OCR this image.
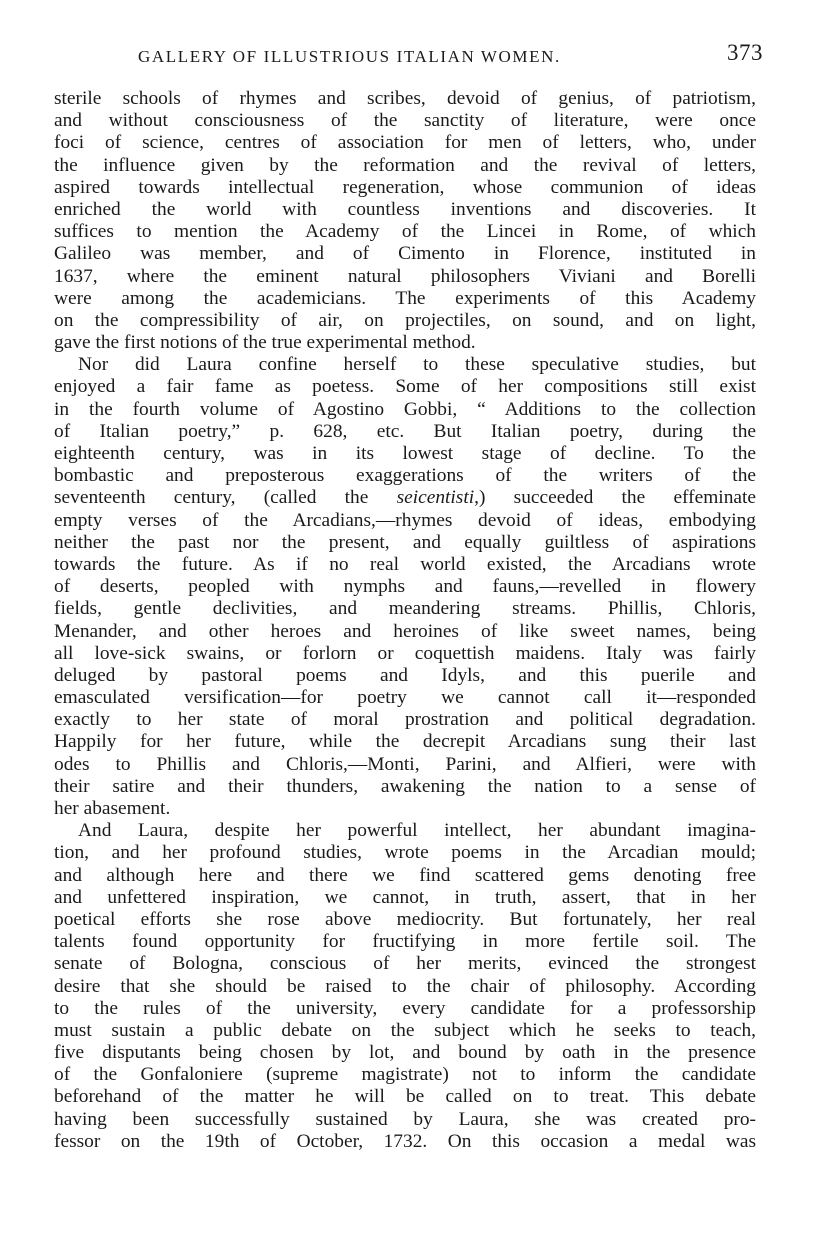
GALLERY OF ILLUSTRIOUS ITALIAN WOMEN.	373
sterile schools of rhymes and scribes, devoid of genius, of patriotism,
and without consciousness of the sanctity of literature, were once
foci of science, centres of association for men of letters, who, under
the influence given by the reformation and the revival of letters,
aspired towards intellectual regeneration, whose communion of ideas
enriched the world with countless inventions and discoveries. It
suffices to mention the Academy of the Lincei in Rome, of which
Galileo was member, and of Cimento in Florence, instituted in
1637, where the eminent natural philosophers Viviani and Borelli
were among the academicians. The experiments of this Academy
on the compressibility of air, on projectiles, on sound, and on light,
gave the first notions of the true experimental method.
Nor did Laura confine herself to these speculative studies, but
enjoyed a fair fame as poetess. Some of her compositions still exist
in the fourth volume of Agostino Gobbi, “ Additions to the collection
of Italian poetry,” p. 628, etc. But Italian poetry, during the
eighteenth century, was in its lowest stage of decline. To the
bombastic and preposterous exaggerations of the writers of the
seventeenth century, (called the seicentisti,) succeeded the effeminate
empty verses of the Arcadians,—rhymes devoid of ideas, embodying
neither the past nor the present, and equally guiltless of aspirations
towards the future. As if no real world existed, the Arcadians wrote
of deserts, peopled with nymphs and fauns,—revelled in flowery
fields, gentle declivities, and meandering streams. Phillis, Chloris,
Menander, and other heroes and heroines of like sweet names, being
all love-sick swains, or forlorn or coquettish maidens. Italy was fairly
deluged by pastoral poems and Idyls, and this puerile and
emasculated versification—for poetry we cannot call it—responded
exactly to her state of moral prostration and political degradation.
Happily for her future, while the decrepit Arcadians sung their last
odes to Phillis and Chloris,—Monti, Parini, and Alfieri, were with
their satire and their thunders, awakening the nation to a sense of
her abasement.
And Laura, despite her powerful intellect, her abundant imagina-
tion, and her profound studies, wrote poems in the Arcadian mould;
and although here and there we find scattered gems denoting free
and unfettered inspiration, we cannot, in truth, assert, that in her
poetical efforts she rose above mediocrity. But fortunately, her real
talents found opportunity for fructifying in more fertile soil. The
senate of Bologna, conscious of her merits, evinced the strongest
desire that she should be raised to the chair of philosophy. According
to the rules of the university, every candidate for a professorship
must sustain a public debate on the subject which he seeks to teach,
five disputants being chosen by lot, and bound by oath in the presence
of the Gonfaloniere (supreme magistrate) not to inform the candidate
beforehand of the matter he will be called on to treat. This debate
having been successfully sustained by Laura, she was created pro-
fessor on the 19th of October, 1732. On this occasion a medal was
